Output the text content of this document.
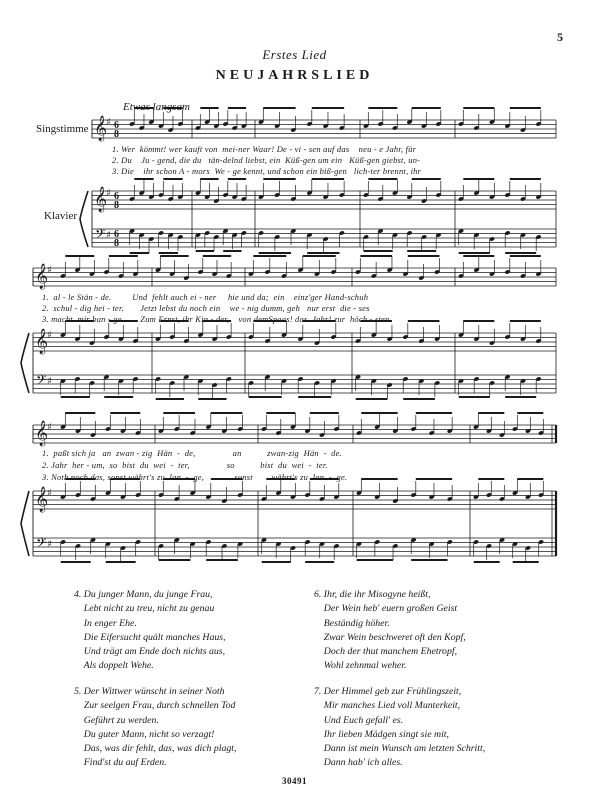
5
Erstes Lied
NEUJAHRSLIED
Etwas langsam
Singstimme
Klavier
𝄞
𝄞
𝄢
♯
♯
♯
6
8
6
8
6
8
𝄞
𝄞
𝄢
♯
♯
♯
𝄞
𝄞
𝄢
♯
♯
♯
1. Wer  kömmt! wer kauft von  mei-ner Waar! De - vi - sen auf das    neu - e Jahr, für
2. Du    Ju - gend, die du   tän-delnd liebst, ein  Küß-gen um ein   Küß-gen giebst, un-
3. Die    ihr schon A - mors  We - ge kennt, und schon ein biß-gen   lich-ter brennt, ihr
1.  al - le Stän - de.         Und  fehlt auch ei - ner     hie und da;  ein    einz'ger Hand-schuh
2.  schul - dig hei - ter.       Jetzt lebst du noch ein    we - nig dumm, geh   nur erst  die - ses
3. macht  mir ban - ge.       Zum Ernst, ihr Kin - der,    von demSpaas! das  Jahr! zur  höch - sten
1.  paßt sich ja   an  zwan - zig  Hän  -  de,                an           zwan-zig  Hän  -  de.
2. Jahr  her - um,  so  bist  du  wei  -  ter,                so           bist  du  wei  -  ter.
3. Noth noch das, sonst währt's zu  lan  -  ge,             sonst        währt's zu  lan  -  ge.
4. Du junger Mann, du junge Frau,
Lebt nicht zu treu, nicht zu genau
In enger Ehe.
Die Eifersucht quält manches Haus,
Und trägt am Ende doch nichts aus,
Als doppelt Wehe.
5. Der Wittwer wünscht in seiner Noth
Zur seelgen Frau, durch schnellen Tod
Geführt zu werden.
Du guter Mann, nicht so verzagt!
Das, was dir fehlt, das, was dich plagt,
Find'st du auf Erden.
6. Ihr, die ihr Misogyne heißt,
Der Wein heb' euern großen Geist
Beständig höher.
Zwar Wein beschweret oft den Kopf,
Doch der thut manchem Ehetropf,
Wohl zehnmal weher.
7. Der Himmel geb zur Frühlingszeit,
Mir manches Lied voll Munterkeit,
Und Euch gefall' es.
Ihr lieben Mädgen singt sie mit,
Dann ist mein Wunsch am letzten Schritt,
Dann hab' ich alles.
30491
